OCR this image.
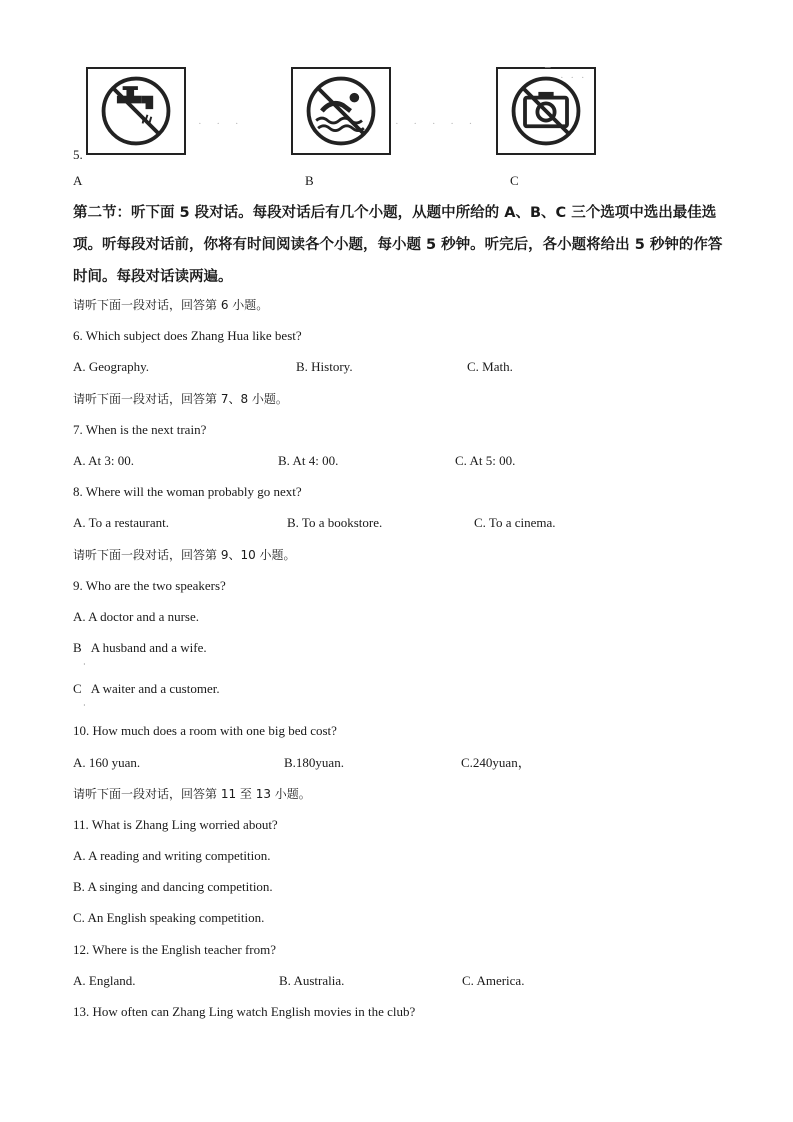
_
· · ·
· · ·	· · · · ·
5.
A	B	C
第二节：听下面 5 段对话。每段对话后有几个小题，从题中所给的 A、B、C 三个选项中选出最佳选项。听每段对话前，你将有时间阅读各个小题，每小题 5 秒钟。听完后，各小题将给出 5 秒钟的作答时间。每段对话读两遍。
请听下面一段对话，回答第 6 小题。
6. Which subject does Zhang Hua like best?
A. Geography.	B. History.	C. Math.
请听下面一段对话，回答第 7、8 小题。
7. When is the next train?
A. At 3: 00.	B. At 4: 00.	C. At 5: 00.
8. Where will the woman probably go next?
A. To a restaurant.	B. To a bookstore.	C. To a cinema.
请听下面一段对话，回答第 9、10 小题。
9. Who are the two speakers?
A. A doctor and a nurse.
B   A husband and a wife.
·
C   A waiter and a customer.
·
10. How much does a room with one big bed cost?
A. 160 yuan.	B.180yuan.	C.240yuan，
请听下面一段对话，回答第 11 至 13 小题。
11. What is Zhang Ling worried about?
A. A reading and writing competition.
B. A singing and dancing competition.
C. An English speaking competition.
12. Where is the English teacher from?
A. England.	B. Australia.	C. America.
13. How often can Zhang Ling watch English movies in the club?
